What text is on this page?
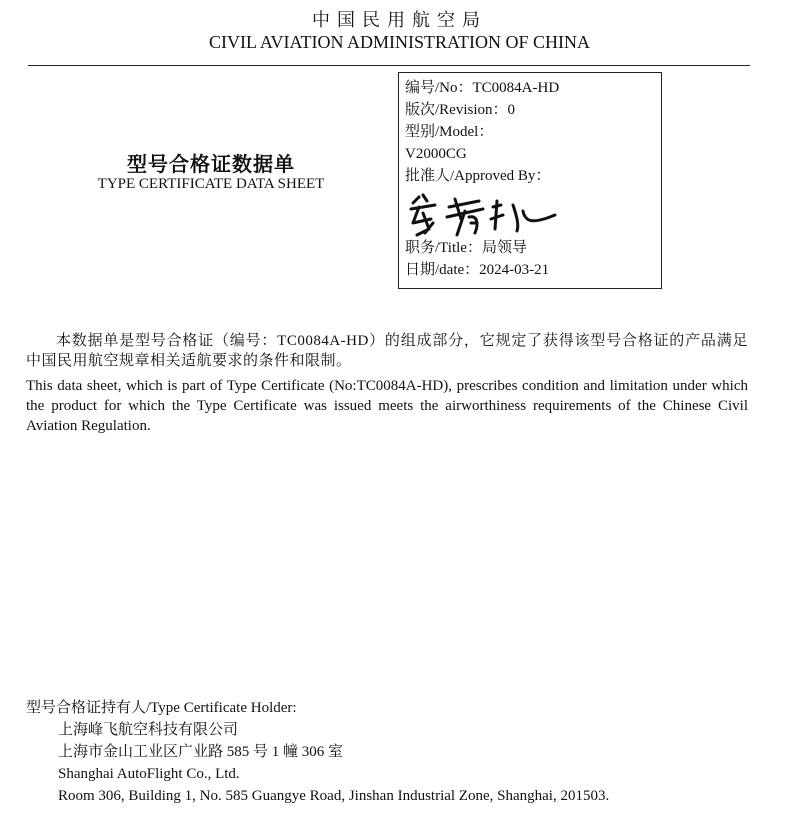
中国民用航空局
CIVIL AVIATION ADMINISTRATION OF CHINA
型号合格证数据单
TYPE CERTIFICATE DATA SHEET
编号/No：TC0084A-HD
版次/Revision：0
型别/Model：
V2000CG
批准人/Approved By：
职务/Title：局领导
日期/date：2024-03-21
本数据单是型号合格证（编号：TC0084A-HD）的组成部分，它规定了获得该型号合格证的产品满足中国民用航空规章相关适航要求的条件和限制。
This data sheet, which is part of Type Certificate (No:TC0084A-HD), prescribes condition and limitation under which the product for which the Type Certificate was issued meets the airworthiness requirements of the Chinese Civil Aviation Regulation.
型号合格证持有人/Type Certificate Holder:
上海峰飞航空科技有限公司
上海市金山工业区广业路 585 号 1 幢 306 室
Shanghai AutoFlight Co., Ltd.
Room 306, Building 1, No. 585 Guangye Road, Jinshan Industrial Zone, Shanghai, 201503.
